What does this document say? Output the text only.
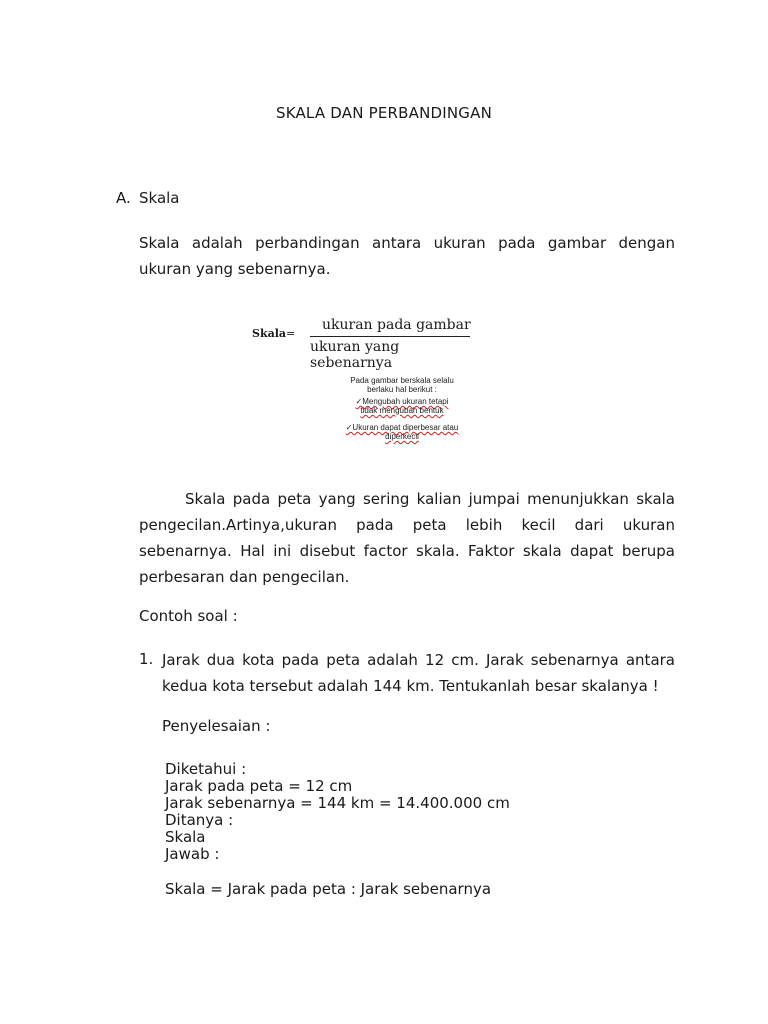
SKALA DAN PERBANDINGAN
A. Skala
Skala adalah perbandingan antara ukuran pada gambar dengan ukuran yang sebenarnya.
Skala =
ukuran pada gambar
ukuran yang sebenarnya
Pada gambar berskala selalu
berlaku hal berikut :
✓Mengubah ukuran tetapi
tidak mengubah bentuk
✓Ukuran dapat diperbesar atau
diperkecil
Skala pada peta yang sering kalian jumpai menunjukkan skala pengecilan.Artinya,ukuran pada peta lebih kecil dari ukuran sebenarnya. Hal ini disebut factor skala. Faktor skala dapat berupa perbesaran dan pengecilan.
Contoh soal :
1. Jarak dua kota pada peta adalah 12 cm. Jarak sebenarnya antara kedua kota tersebut adalah 144 km. Tentukanlah besar skalanya !
Penyelesaian :
Diketahui :
Jarak pada peta = 12 cm
Jarak sebenarnya = 144 km = 14.400.000 cm
Ditanya :
Skala
Jawab :
Skala = Jarak pada peta : Jarak sebenarnya
